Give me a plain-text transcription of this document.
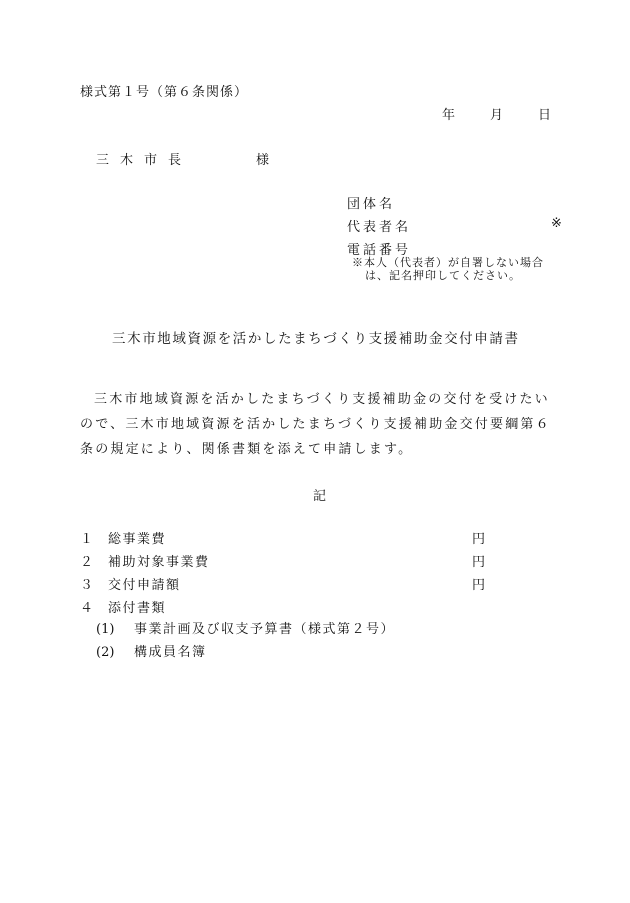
様式第１号（第６条関係）
年	月	日
三木市長	様
団体名
代表者名	※
電話番号
※本人（代表者）が自署しない場合
は、記名押印してください。
三木市地域資源を活かしたまちづくり支援補助金交付申請書
三木市地域資源を活かしたまちづくり支援補助金の交付を受けたいので、三木市地域資源を活かしたまちづくり支援補助金交付要綱第６条の規定により、関係書類を添えて申請します。
記
１ 総事業費	円
２ 補助対象事業費	円
３ 交付申請額	円
４ 添付書類
(1) 事業計画及び収支予算書（様式第２号）
(2) 構成員名簿
